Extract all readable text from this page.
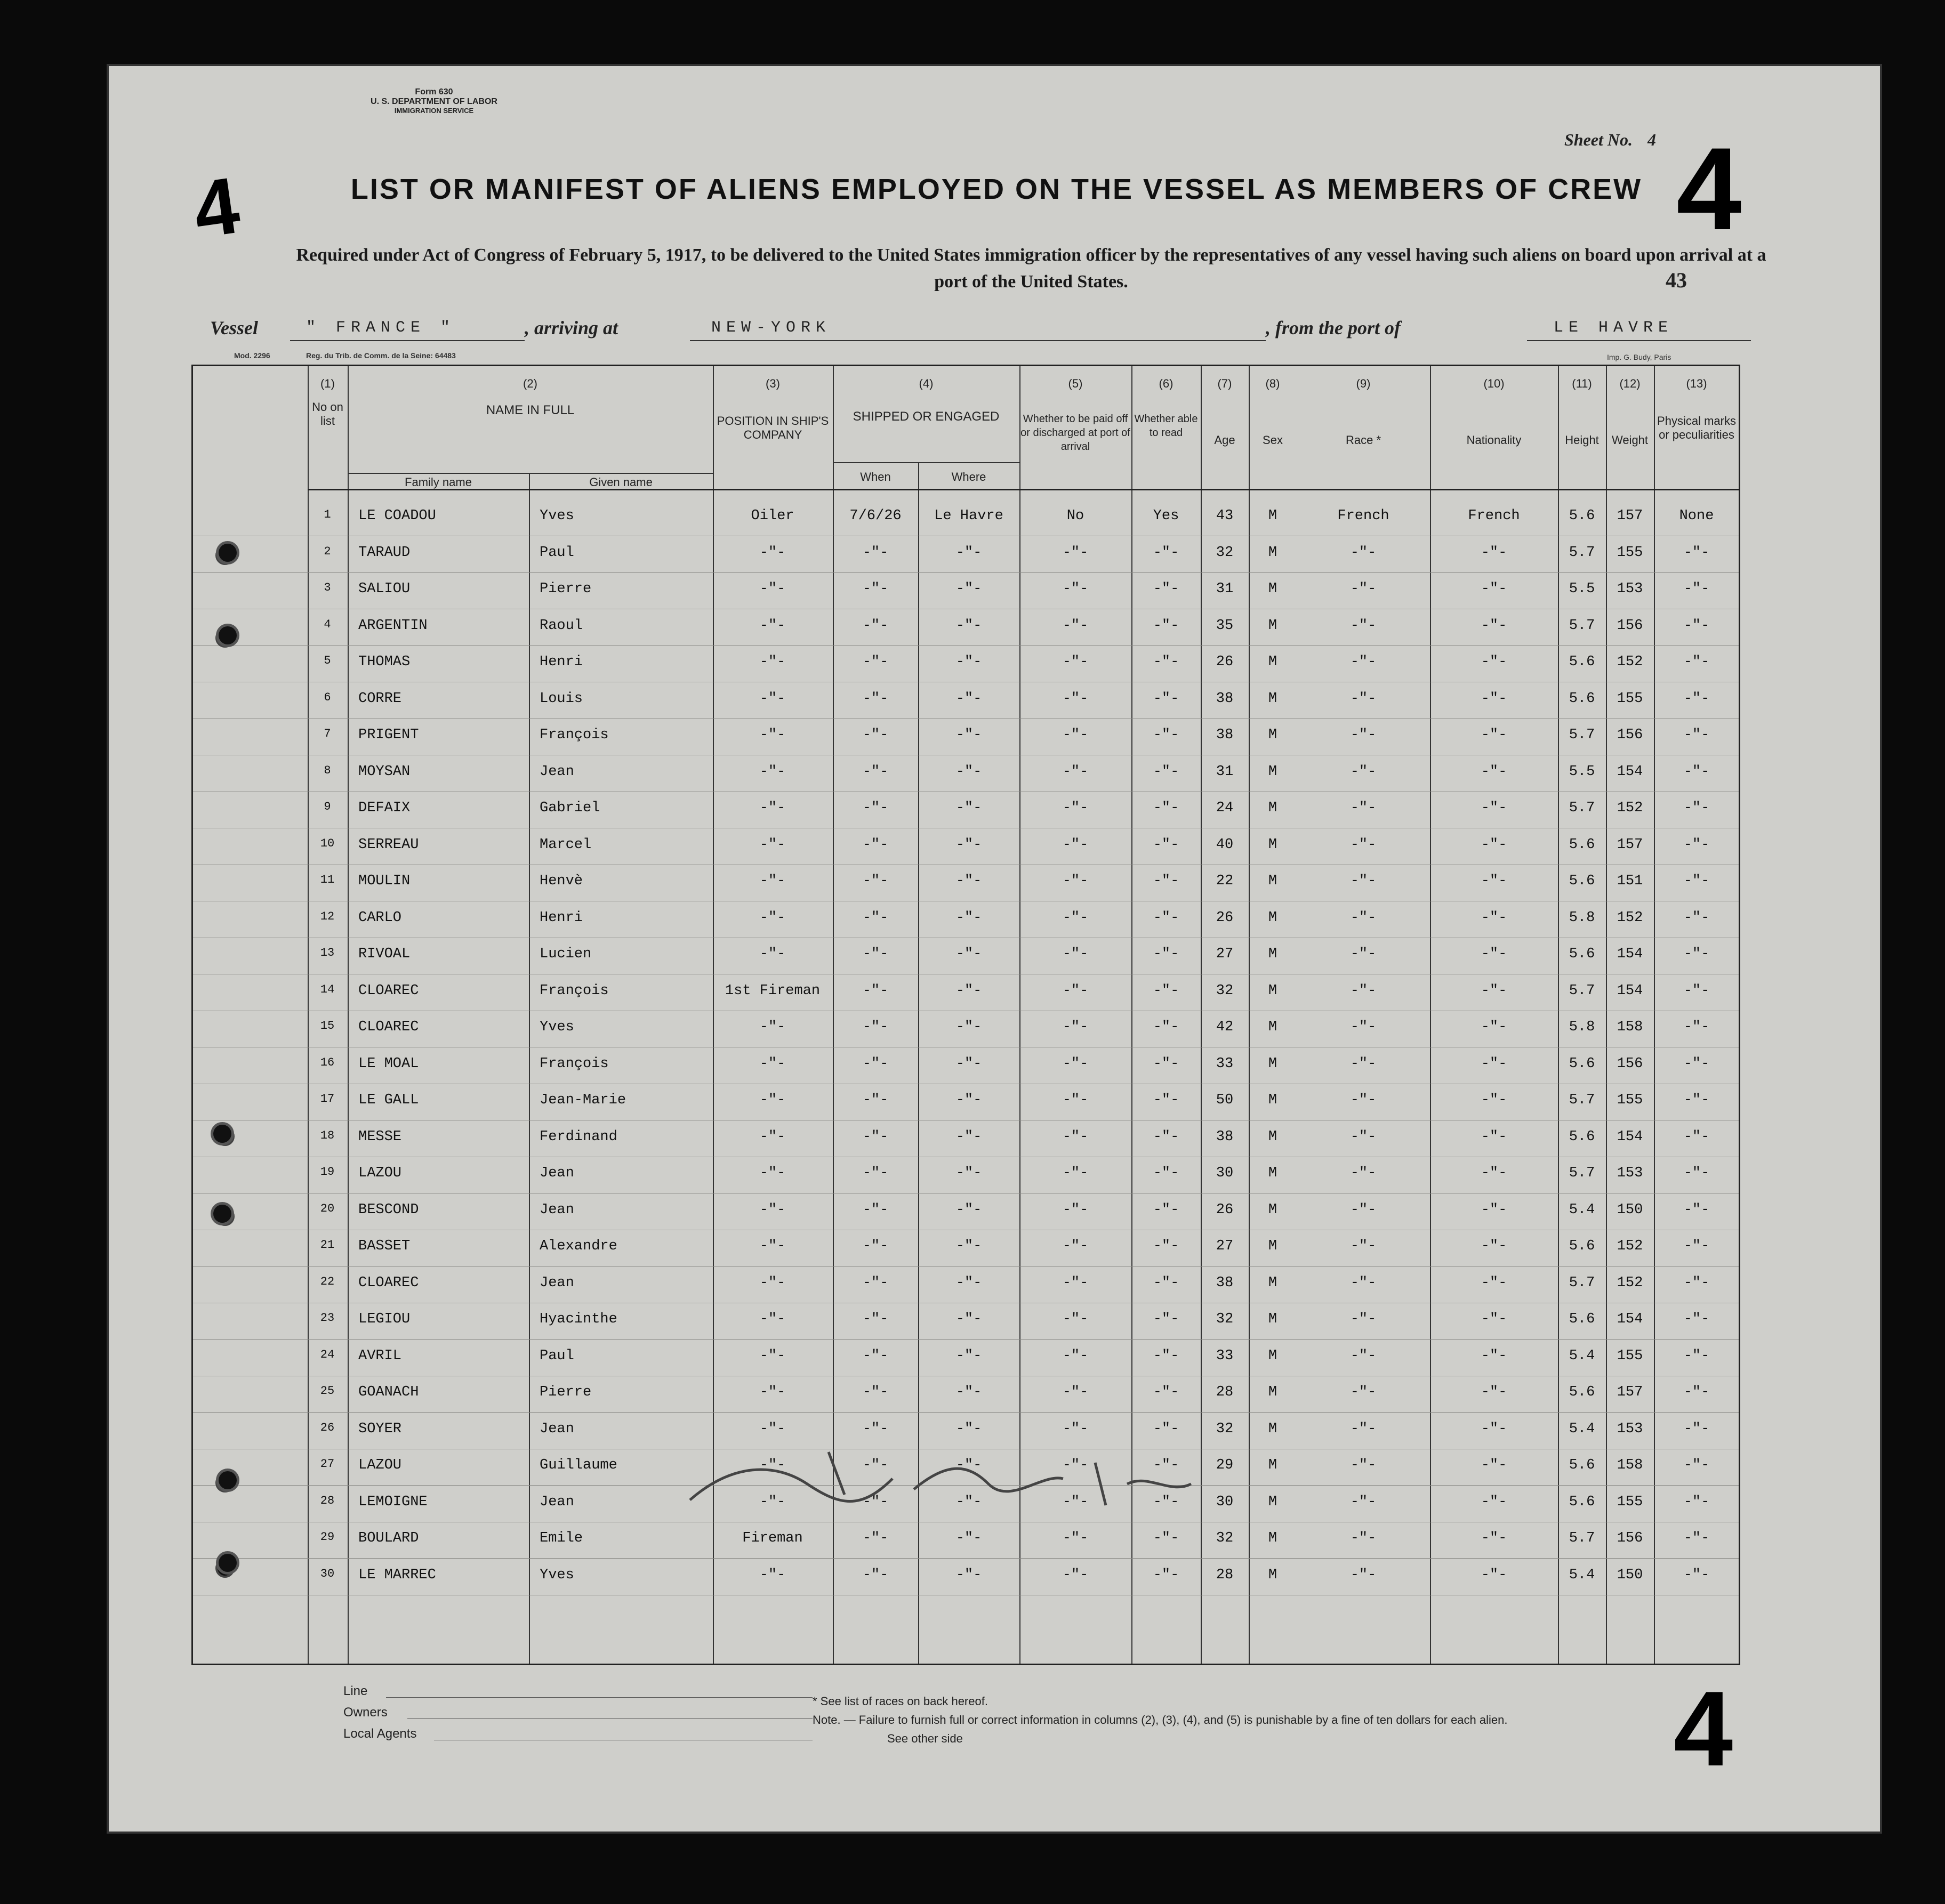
Form 630
U. S. DEPARTMENT OF LABOR
IMMIGRATION SERVICE
Sheet No. 4 4
4
4	LIST OR MANIFEST OF ALIENS EMPLOYED ON THE VESSEL AS MEMBERS OF CREW
Required under Act of Congress of February 5, 1917, to be delivered to the United States immigration officer by the representatives of any vessel having such aliens on board upon arrival at a port of the United States.	43
Vessel	" FRANCE "	, arriving at	NEW-YORK	, from the port of	LE HAVRE
Mod. 2296	Reg. du Trib. de Comm. de la Seine: 64483	Imp. G. Budy, Paris
(1)
No on list
(2)
NAME IN FULL
Family name	Given name
(3)
POSITION IN SHIP'S COMPANY
(4)
SHIPPED OR ENGAGED
When	Where
(5)
Whether to be paid off or discharged at port of arrival
(6)
Whether able to read
(7)
Age
(8)
Sex
(9)
Race *
(10)
Nationality
(11)
Height
(12)
Weight
(13)
Physical marks or peculiarities
1 LE COADOU	Yves	Oiler	7/6/26 Le Havre	No	Yes	43 M	French	French	5.6 157	None
2 TARAUD	Paul	-"-	-"-	-"-	-"-	-"-	32 M	-"-	-"-	5.7 155	-"-
3 SALIOU	Pierre	-"-	-"-	-"-	-"-	-"-	31 M	-"-	-"-	5.5 153	-"-
4 ARGENTIN	Raoul	-"-	-"-	-"-	-"-	-"-	35 M	-"-	-"-	5.7 156	-"-
5 THOMAS	Henri	-"-	-"-	-"-	-"-	-"-	26 M	-"-	-"-	5.6 152	-"-
6 CORRE	Louis	-"-	-"-	-"-	-"-	-"-	38 M	-"-	-"-	5.6 155	-"-
7 PRIGENT	François	-"-	-"-	-"-	-"-	-"-	38 M	-"-	-"-	5.7 156	-"-
8 MOYSAN	Jean	-"-	-"-	-"-	-"-	-"-	31 M	-"-	-"-	5.5 154	-"-
9 DEFAIX	Gabriel	-"-	-"-	-"-	-"-	-"-	24 M	-"-	-"-	5.7 152	-"-
10 SERREAU	Marcel	-"-	-"-	-"-	-"-	-"-	40 M	-"-	-"-	5.6 157	-"-
11 MOULIN	Henvè	-"-	-"-	-"-	-"-	-"-	22 M	-"-	-"-	5.6 151	-"-
12 CARLO	Henri	-"-	-"-	-"-	-"-	-"-	26 M	-"-	-"-	5.8 152	-"-
13 RIVOAL	Lucien	-"-	-"-	-"-	-"-	-"-	27 M	-"-	-"-	5.6 154	-"-
14 CLOAREC	François	1st Fireman	-"-	-"-	-"-	-"-	32 M	-"-	-"-	5.7 154	-"-
15 CLOAREC	Yves	-"-	-"-	-"-	-"-	-"-	42 M	-"-	-"-	5.8 158	-"-
16 LE MOAL	François	-"-	-"-	-"-	-"-	-"-	33 M	-"-	-"-	5.6 156	-"-
17 LE GALL	Jean-Marie	-"-	-"-	-"-	-"-	-"-	50 M	-"-	-"-	5.7 155	-"-
18 MESSE	Ferdinand	-"-	-"-	-"-	-"-	-"-	38 M	-"-	-"-	5.6 154	-"-
19 LAZOU	Jean	-"-	-"-	-"-	-"-	-"-	30 M	-"-	-"-	5.7 153	-"-
20 BESCOND	Jean	-"-	-"-	-"-	-"-	-"-	26 M	-"-	-"-	5.4 150	-"-
21 BASSET	Alexandre	-"-	-"-	-"-	-"-	-"-	27 M	-"-	-"-	5.6 152	-"-
22 CLOAREC	Jean	-"-	-"-	-"-	-"-	-"-	38 M	-"-	-"-	5.7 152	-"-
23 LEGIOU	Hyacinthe	-"-	-"-	-"-	-"-	-"-	32 M	-"-	-"-	5.6 154	-"-
24 AVRIL	Paul	-"-	-"-	-"-	-"-	-"-	33 M	-"-	-"-	5.4 155	-"-
25 GOANACH	Pierre	-"-	-"-	-"-	-"-	-"-	28 M	-"-	-"-	5.6 157	-"-
26 SOYER	Jean	-"-	-"-	-"-	-"-	-"-	32 M	-"-	-"-	5.4 153	-"-
27 LAZOU	Guillaume	-"-	-"-	-"-	-"-	-"-	29 M	-"-	-"-	5.6 158	-"-
28 LEMOIGNE	Jean	-"-	-"-	-"-	-"-	-"-	30 M	-"-	-"-	5.6 155	-"-
29 BOULARD	Emile	Fireman	-"-	-"-	-"-	-"-	32 M	-"-	-"-	5.7 156	-"-
30 LE MARREC	Yves	-"-	-"-	-"-	-"-	-"-	28 M	-"-	-"-	5.4 150	-"-
Line
Owners
Local Agents
* See list of races on back hereof.
Note. — Failure to furnish full or correct information in columns (2), (3), (4), and (5) is punishable by a fine of ten dollars for each alien.
See other side
